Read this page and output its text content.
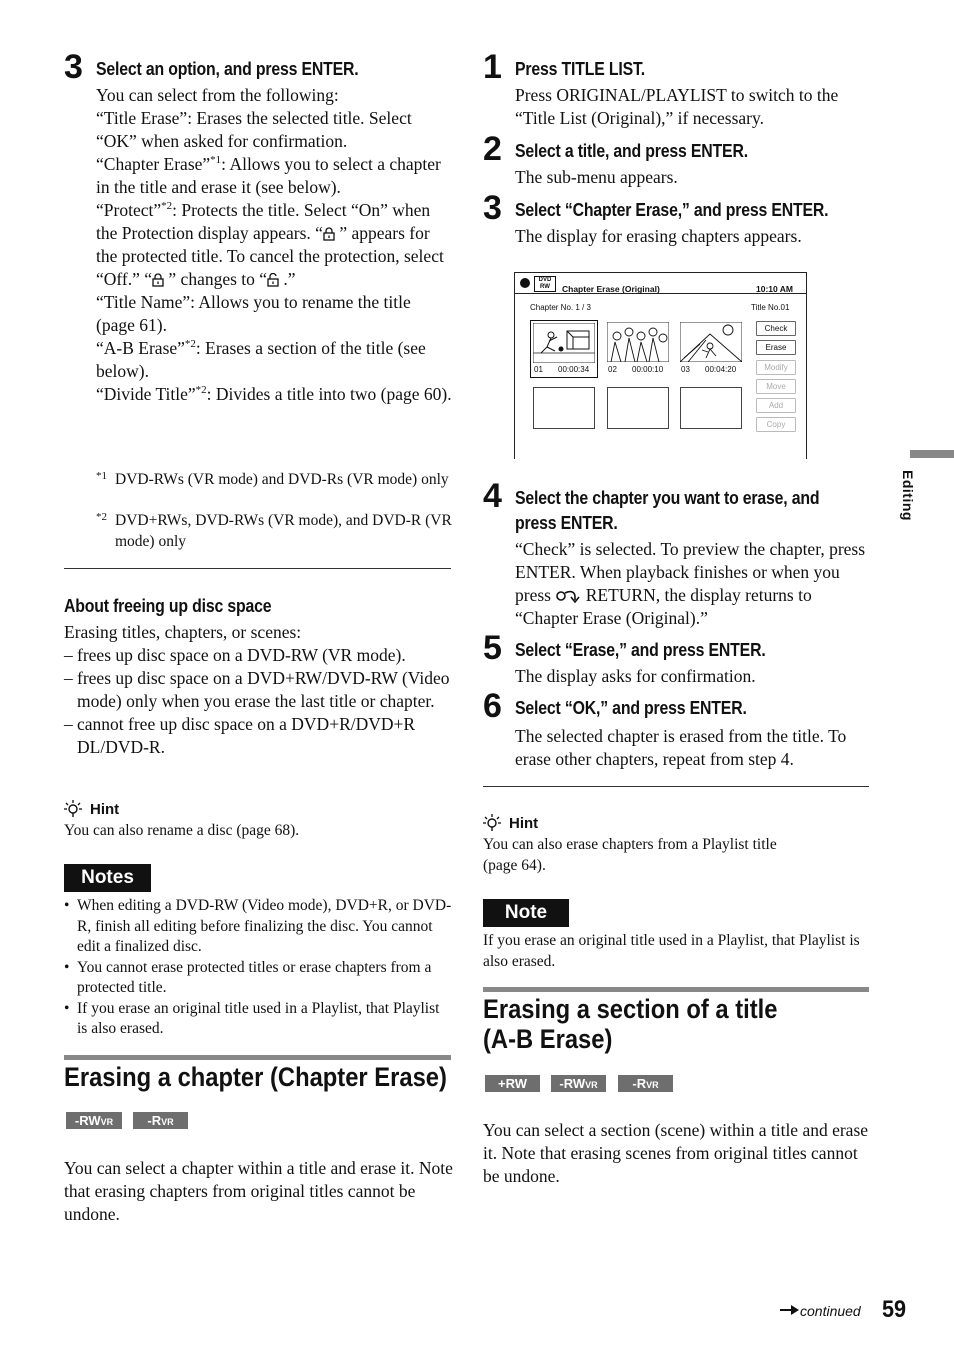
Editing
3 Select an option, and press ENTER.

You can select from the following:

“Title Erase”: Erases the selected title. Select “OK” when asked for confirmation.

“Chapter Erase”$^{*1}$: Allows you to select a chapter in the title and erase it (see below).

“Protect”$^{*2}$: Protects the title. Select “On” when the Protection display appears. “ ” appears for the protected title. To cancel the protection, select “Off.” “ ” changes to “ .”

“Title Name”: Allows you to rename the title (page 61).

“A-B Erase”$^{*2}$: Erases a section of the title (see below).

“Divide Title”$^{*2}$: Divides a title into two (page 60).

*1 DVD-RWs (VR mode) and DVD-Rs (VR mode) only
*2 DVD+RWs, DVD-RWs (VR mode), and DVD-R (VR mode) only
About freeing up disc space

Erasing titles, chapters, or scenes:

– frees up disc space on a DVD-RW (VR mode).
– frees up disc space on a DVD+RW/DVD-RW (Video mode) only when you erase the last title or chapter.
– cannot free up disc space on a DVD+R/DVD+R DL/DVD-R.
Hint
You can also rename a disc (page 68).
Notes
• When editing a DVD-RW (Video mode), DVD+R, or DVD-R, finish all editing before finalizing the disc. You cannot edit a finalized disc.
• You cannot erase protected titles or erase chapters from a protected title.
• If you erase an original title used in a Playlist, that Playlist is also erased.
Erasing a chapter (Chapter Erase)
-RWVR	-RVR
You can select a chapter within a title and erase it. Note that erasing chapters from original titles cannot be undone.
1 Press TITLE LIST.
Press ORIGINAL/PLAYLIST to switch to the “Title List (Original),” if necessary.
2 Select a title, and press ENTER.
The sub-menu appears.
3 Select “Chapter Erase,” and press ENTER.
The display for erasing chapters appears.
DVD
RW	Chapter Erase (Original)	10:10 AM
Chapter No. 1 / 3	Title No.01
01 00:00:34 02 00:00:10 03 00:04:20
Check
Erase
Modify
Move
Add
Copy
4 Select the chapter you want to erase, and
press ENTER.
“Check” is selected. To preview the chapter, press ENTER. When playback finishes or when you press  RETURN, the display returns to “Chapter Erase (Original).”
5 Select “Erase,” and press ENTER.
The display asks for confirmation.
6 Select “OK,” and press ENTER.
The selected chapter is erased from the title. To erase other chapters, repeat from step 4.
Hint
You can also erase chapters from a Playlist title (page 64).
Note
If you erase an original title used in a Playlist, that Playlist is also erased.
Erasing a section of a title
(A-B Erase)
+RW	-RWVR	-RVR
You can select a section (scene) within a title and erase it. Note that erasing scenes from original titles cannot be undone.
continued 59
